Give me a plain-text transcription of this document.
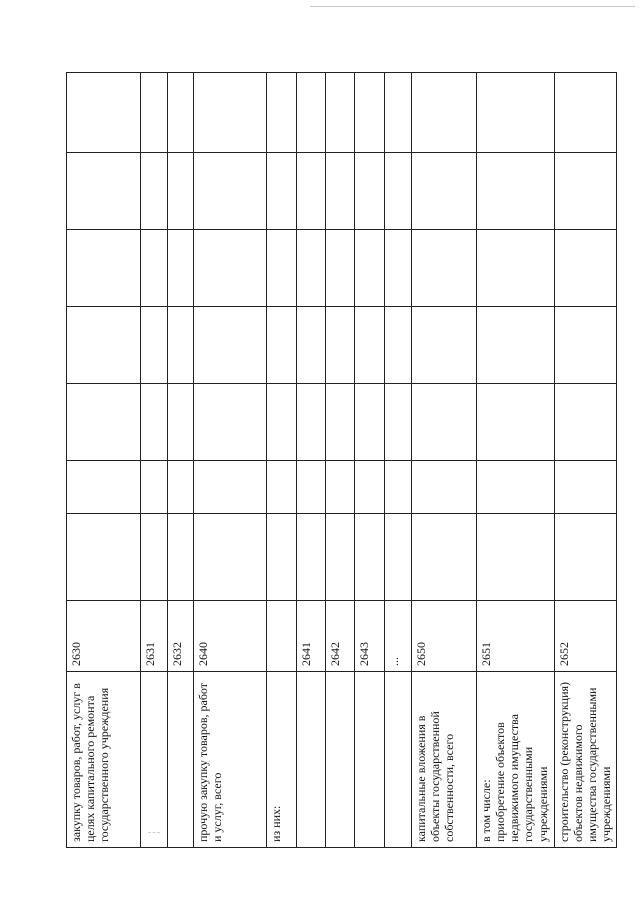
закупку товаров, работ, услуг в целях капитального ремонта государственного учреждения	2630							
	2631							
	2632							
прочую закупку товаров, работ и услуг, всего	2640							
из них:								
	2641							
	2642							
	2643							
	...							
капитальные вложения в объекты государственной собственности, всего	2650							
в том числе:
приобретение объектов недвижимого имущества государственными учреждениями	2651							
строительство (реконструкция) объектов недвижимого имущества государственными учреждениями	2652							
